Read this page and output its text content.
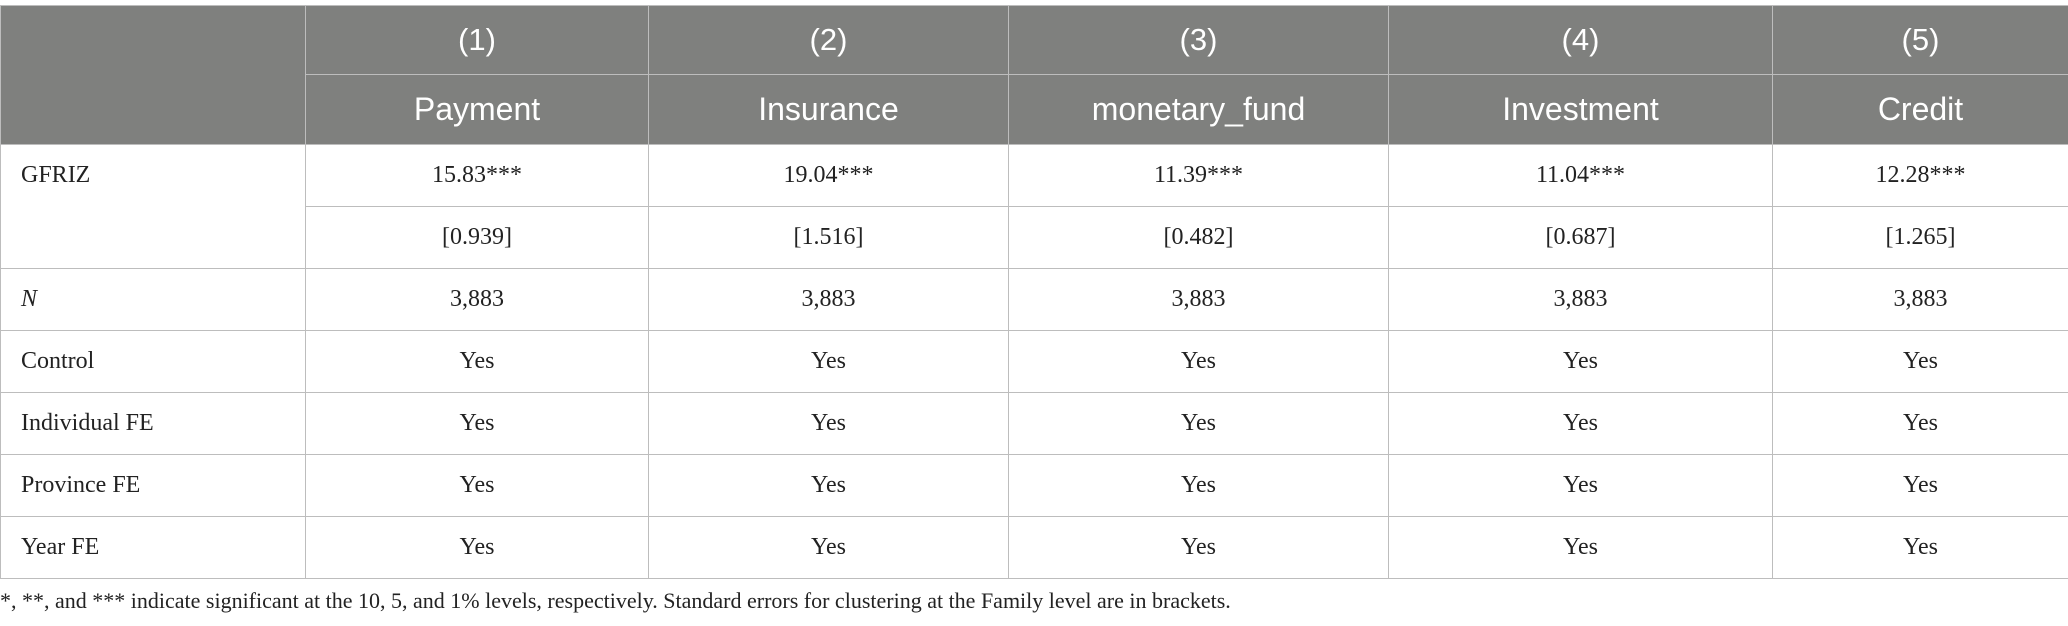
	(1)	(2)	(3)	(4)	(5)
	Payment	Insurance	monetary_fund	Investment	Credit
GFRIZ	15.83***	19.04***	11.39***	11.04***	12.28***
	[0.939]	[1.516]	[0.482]	[0.687]	[1.265]
N	3,883	3,883	3,883	3,883	3,883
Control	Yes	Yes	Yes	Yes	Yes
Individual FE	Yes	Yes	Yes	Yes	Yes
Province FE	Yes	Yes	Yes	Yes	Yes
Year FE	Yes	Yes	Yes	Yes	Yes
*, **, and *** indicate significant at the 10, 5, and 1% levels, respectively. Standard errors for clustering at the Family level are in brackets.
